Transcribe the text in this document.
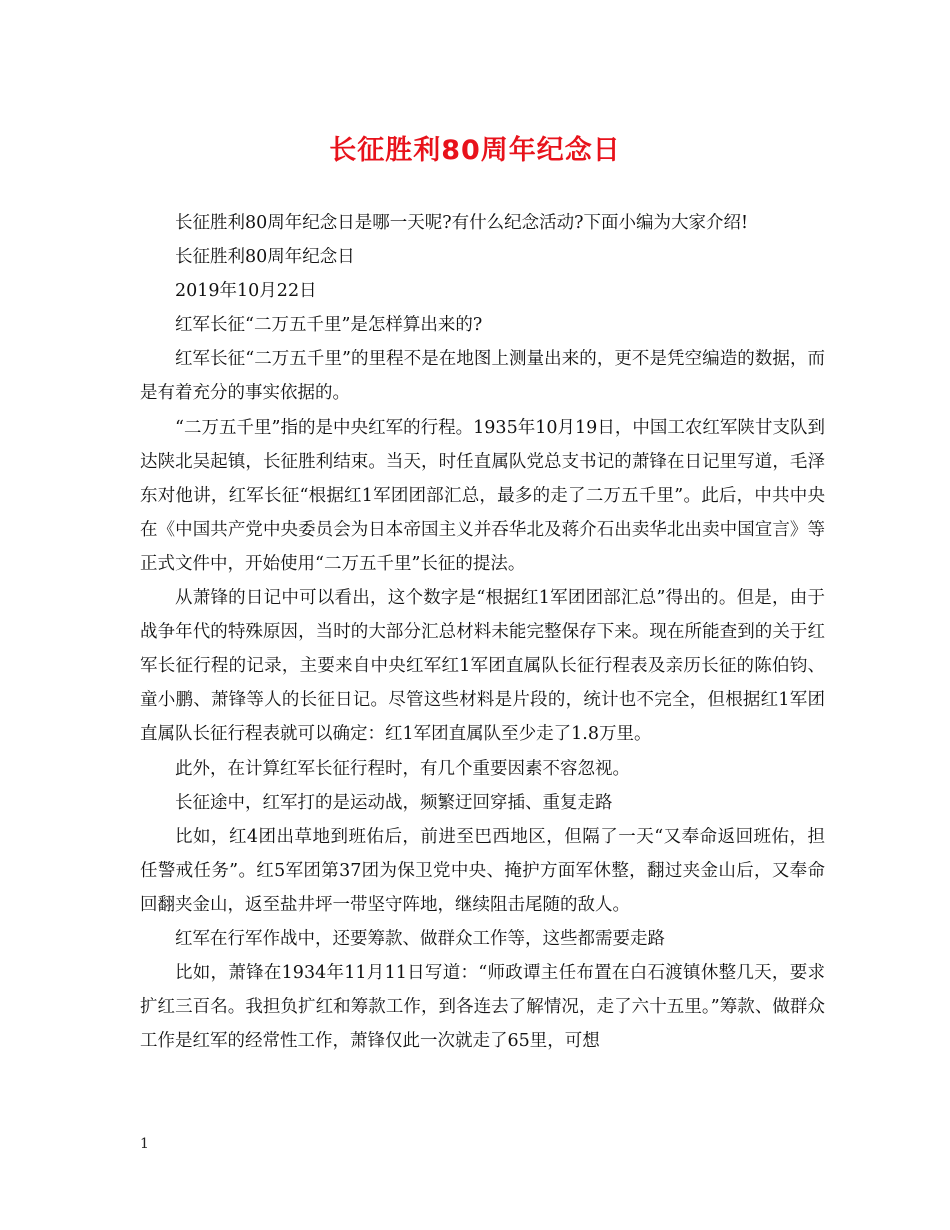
长征胜利80周年纪念日

长征胜利80周年纪念日是哪一天呢?有什么纪念活动?下面小编为大家介绍!

长征胜利80周年纪念日

2019年10月22日

红军长征“二万五千里”是怎样算出来的?

红军长征“二万五千里”的里程不是在地图上测量出来的，更不是凭空编造的数据，而是有着充分的事实依据的。

“二万五千里”指的是中央红军的行程。1935年10月19日，中国工农红军陕甘支队到达陕北吴起镇，长征胜利结束。当天，时任直属队党总支书记的萧锋在日记里写道，毛泽东对他讲，红军长征“根据红1军团团部汇总，最多的走了二万五千里”。此后，中共中央在《中国共产党中央委员会为日本帝国主义并吞华北及蒋介石出卖华北出卖中国宣言》等正式文件中，开始使用“二万五千里”长征的提法。

从萧锋的日记中可以看出，这个数字是“根据红1军团团部汇总”得出的。但是，由于战争年代的特殊原因，当时的大部分汇总材料未能完整保存下来。现在所能查到的关于红军长征行程的记录，主要来自中央红军红1军团直属队长征行程表及亲历长征的陈伯钧、童小鹏、萧锋等人的长征日记。尽管这些材料是片段的，统计也不完全，但根据红1军团直属队长征行程表就可以确定：红1军团直属队至少走了1.8万里。

此外，在计算红军长征行程时，有几个重要因素不容忽视。

长征途中，红军打的是运动战，频繁迂回穿插、重复走路

比如，红4团出草地到班佑后，前进至巴西地区，但隔了一天“又奉命返回班佑，担任警戒任务”。红5军团第37团为保卫党中央、掩护方面军休整，翻过夹金山后，又奉命回翻夹金山，返至盐井坪一带坚守阵地，继续阻击尾随的敌人。

红军在行军作战中，还要筹款、做群众工作等，这些都需要走路

比如，萧锋在1934年11月11日写道：“师政谭主任布置在白石渡镇休整几天，要求扩红三百名。我担负扩红和筹款工作，到各连去了解情况，走了六十五里。”筹款、做群众工作是红军的经常性工作，萧锋仅此一次就走了65里，可想

1
